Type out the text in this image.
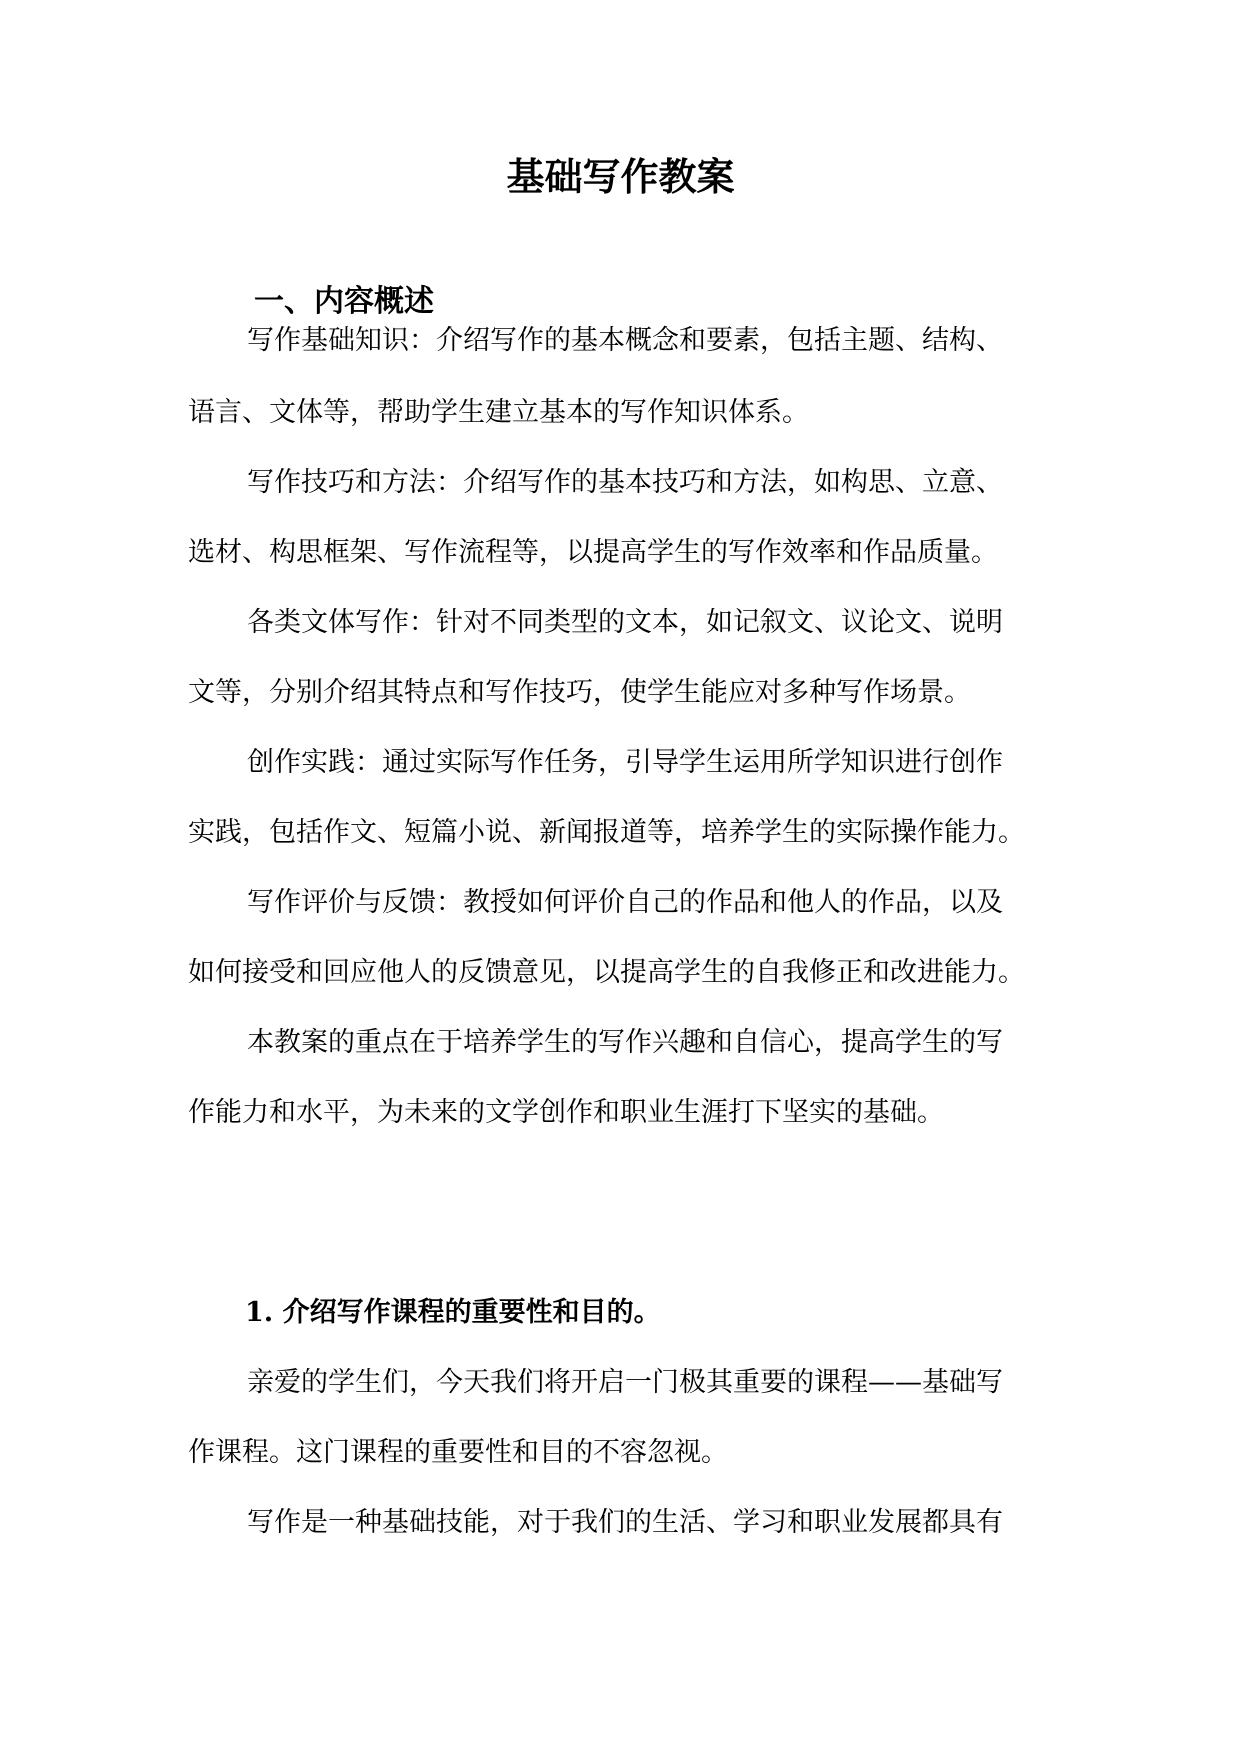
基础写作教案
一、内容概述
写作基础知识：介绍写作的基本概念和要素，包括主题、结构、
语言、文体等，帮助学生建立基本的写作知识体系。
写作技巧和方法：介绍写作的基本技巧和方法，如构思、立意、
选材、构思框架、写作流程等，以提高学生的写作效率和作品质量。
各类文体写作：针对不同类型的文本，如记叙文、议论文、说明
文等，分别介绍其特点和写作技巧，使学生能应对多种写作场景。
创作实践：通过实际写作任务，引导学生运用所学知识进行创作
实践，包括作文、短篇小说、新闻报道等，培养学生的实际操作能力。
写作评价与反馈：教授如何评价自己的作品和他人的作品，以及
如何接受和回应他人的反馈意见，以提高学生的自我修正和改进能力。
本教案的重点在于培养学生的写作兴趣和自信心，提高学生的写
作能力和水平，为未来的文学创作和职业生涯打下坚实的基础。
1. 介绍写作课程的重要性和目的。
亲爱的学生们，今天我们将开启一门极其重要的课程——基础写
作课程。这门课程的重要性和目的不容忽视。
写作是一种基础技能，对于我们的生活、学习和职业发展都具有
